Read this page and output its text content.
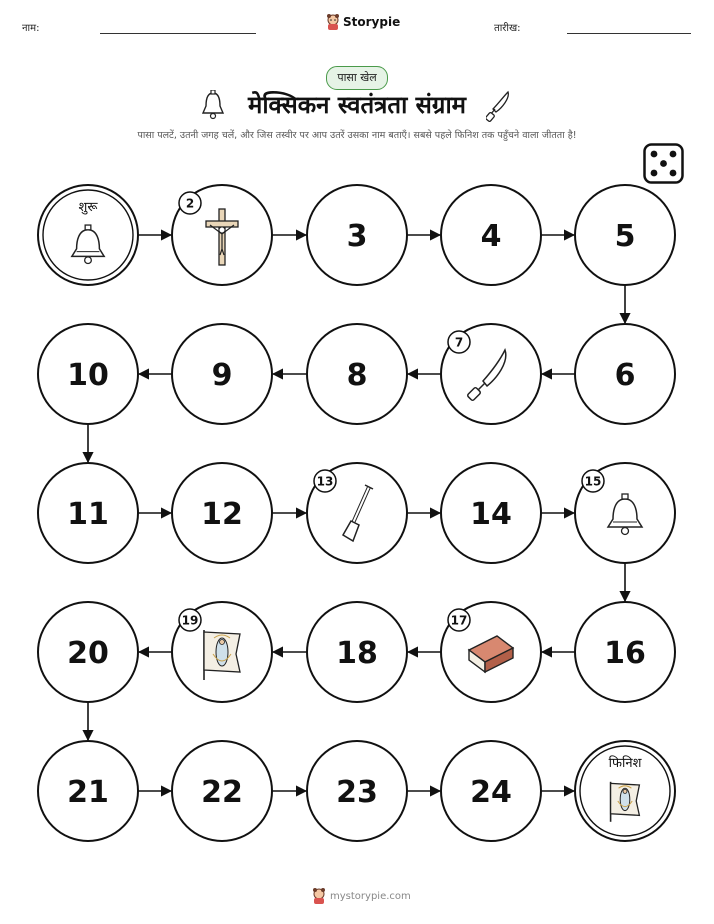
नाम:	Storypie	तारीख:
पासा खेल
मेक्सिकन स्वतंत्रता संग्राम
पासा पलटें, उतनी जगह चलें, और जिस तस्वीर पर आप उतरें उसका नाम बताएँ। सबसे पहले फिनिश तक पहुँचने वाला जीतता है!
शुरू	2
3	4	5
6
7
8
9
10
11	12
13
14
15
16
17
18
19
20
21	22	23	24
फिनिश
mystorypie.com
